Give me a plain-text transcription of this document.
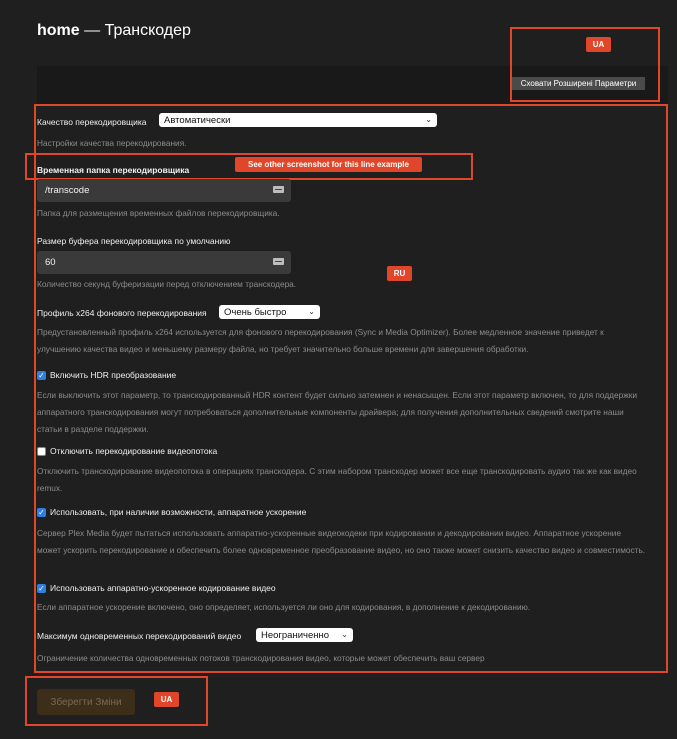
home — Транскодер
Сховати Розширені Параметри
UA
See other screenshot for this line example
RU
UA
Качество перекодировщика Автоматически	⌄
Настройки качества перекодирования.
Временная папка перекодировщика
/transcode
Папка для размещения временных файлов перекодировщика.
Размер буфера перекодировщика по умолчанию
60
Количество секунд буферизации перед отключением транскодера.
Профиль x264 фонового перекодирования Очень быстро	⌄
Предустановленный профиль x264 используется для фонового перекодирования (Sync и Media Optimizer). Более медленное значение приведет к улучшению качества видео и меньшему размеру файла, но требует значительно больше времени для завершения обработки.
✓ Включить HDR преобразование
Если выключить этот параметр, то транскодированный HDR контент будет сильно затемнен и ненасыщен. Если этот параметр включен, то для поддержки аппаратного транскодирования могут потребоваться дополнительные компоненты драйвера; для получения дополнительных сведений смотрите наши статьи в разделе поддержки.
Отключить перекодирование видеопотока
Отключить транскодирование видеопотока в операциях транскодера. С этим набором транскодер может все еще транскодировать аудио так же как видео remux.
✓ Использовать, при наличии возможности, аппаратное ускорение
Сервер Plex Media будет пытаться использовать аппаратно-ускоренные видеокодеки при кодировании и декодировании видео. Аппаратное ускорение может ускорить перекодирование и обеспечить более одновременное преобразование видео, но оно также может снизить качество видео и совместимость.
✓ Использовать аппаратно-ускоренное кодирование видео
Если аппаратное ускорение включено, оно определяет, используется ли оно для кодирования, в дополнение к декодированию.
Максимум одновременных перекодирований видео Неограниченно ⌄
Ограничение количества одновременных потоков транскодирования видео, которые может обеспечить ваш сервер
Зберегти Зміни
